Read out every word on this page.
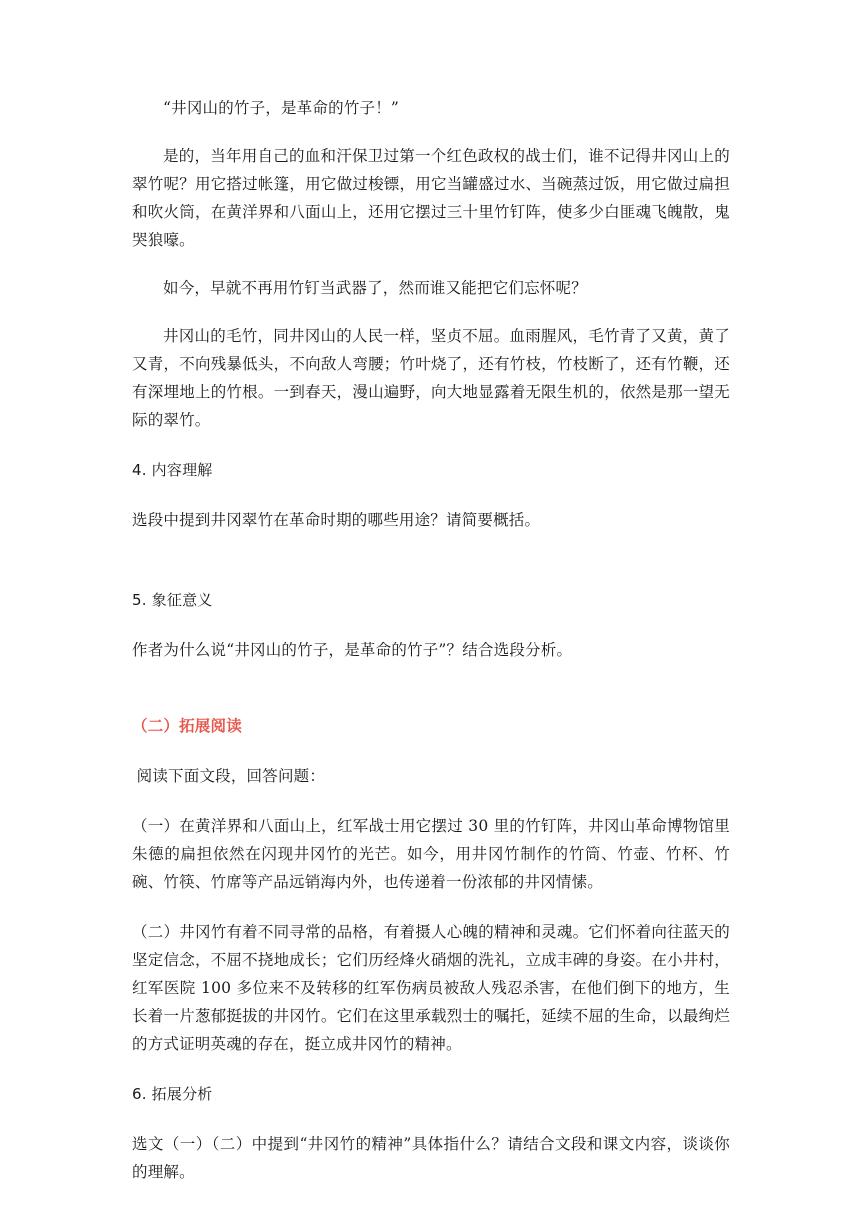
“井冈山的竹子，是革命的竹子！”

是的，当年用自己的血和汗保卫过第一个红色政权的战士们，谁不记得井冈山上的翠竹呢？用它搭过帐篷，用它做过梭镖，用它当罐盛过水、当碗蒸过饭，用它做过扁担和吹火筒，在黄洋界和八面山上，还用它摆过三十里竹钉阵，使多少白匪魂飞魄散，鬼哭狼嚎。

如今，早就不再用竹钉当武器了，然而谁又能把它们忘怀呢？

井冈山的毛竹，同井冈山的人民一样，坚贞不屈。血雨腥风，毛竹青了又黄，黄了又青，不向残暴低头，不向敌人弯腰；竹叶烧了，还有竹枝，竹枝断了，还有竹鞭，还有深埋地上的竹根。一到春天，漫山遍野，向大地显露着无限生机的，依然是那一望无际的翠竹。

4. 内容理解

选段中提到井冈翠竹在革命时期的哪些用途？请简要概括。

5. 象征意义

作者为什么说“井冈山的竹子，是革命的竹子”？结合选段分析。

（二）拓展阅读

阅读下面文段，回答问题：

（一）在黄洋界和八面山上，红军战士用它摆过 30 里的竹钉阵，井冈山革命博物馆里朱德的扁担依然在闪现井冈竹的光芒。如今，用井冈竹制作的竹筒、竹壶、竹杯、竹碗、竹筷、竹席等产品远销海内外，也传递着一份浓郁的井冈情愫。

（二）井冈竹有着不同寻常的品格，有着摄人心魄的精神和灵魂。它们怀着向往蓝天的坚定信念，不屈不挠地成长；它们历经烽火硝烟的洗礼，立成丰碑的身姿。在小井村，红军医院 100 多位来不及转移的红军伤病员被敌人残忍杀害，在他们倒下的地方，生长着一片葱郁挺拔的井冈竹。它们在这里承载烈士的嘱托，延续不屈的生命，以最绚烂的方式证明英魂的存在，挺立成井冈竹的精神。

6. 拓展分析

选文（一）（二）中提到“井冈竹的精神”具体指什么？请结合文段和课文内容，谈谈你的理解。
